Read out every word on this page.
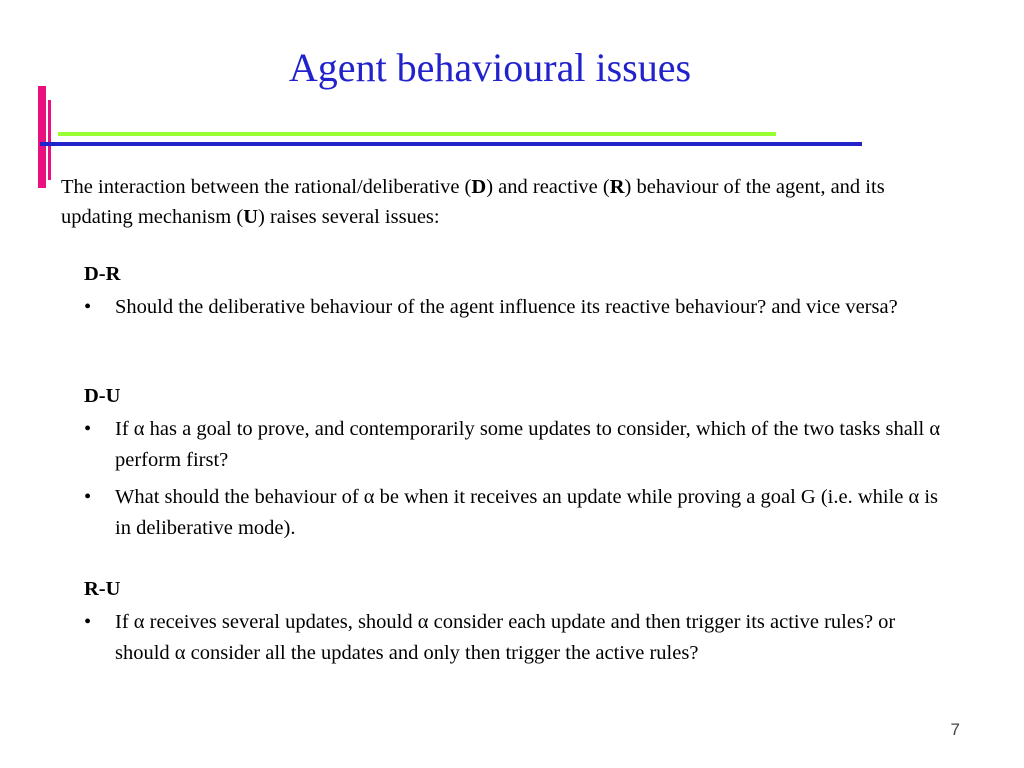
Agent behavioural issues
The interaction between the rational/deliberative (D) and reactive (R) behaviour of the agent, and its updating mechanism (U) raises several issues:
D-R
• Should the deliberative behaviour of the agent influence its reactive behaviour? and vice versa?
D-U
• If α has a goal to prove, and contemporarily some updates to consider, which of the two tasks shall α perform first?
• What should the behaviour of α be when it receives an update while proving a goal G (i.e. while α is in deliberative mode).
R-U
• If α receives several updates, should α consider each update and then trigger its active rules? or should α consider all the updates and only then trigger the active rules?
7
